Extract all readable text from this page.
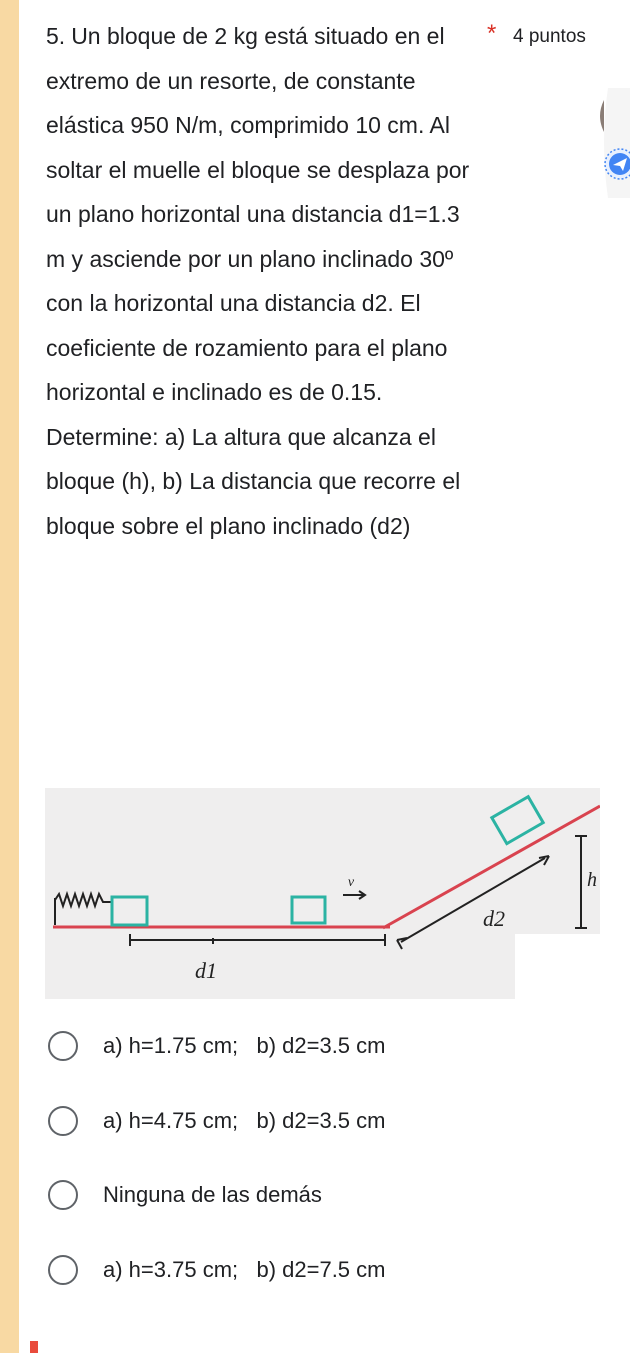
5. Un bloque de 2 kg está situado en el extremo de un resorte, de constante elástica 950 N/m, comprimido 10 cm. Al soltar el muelle el bloque se desplaza por un plano horizontal una distancia d1=1.3 m y asciende por un plano inclinado 30º con la horizontal una distancia d2. El coeficiente de rozamiento para el plano horizontal e inclinado es de 0.15. Determine: a) La altura que alcanza el bloque (h), b) La distancia que recorre el bloque sobre el plano inclinado (d2)
* 4 puntos
v
d1
d2
h
a) h=1.75 cm;   b) d2=3.5 cm
a) h=4.75 cm;   b) d2=3.5 cm
Ninguna de las demás
a) h=3.75 cm;   b) d2=7.5 cm
